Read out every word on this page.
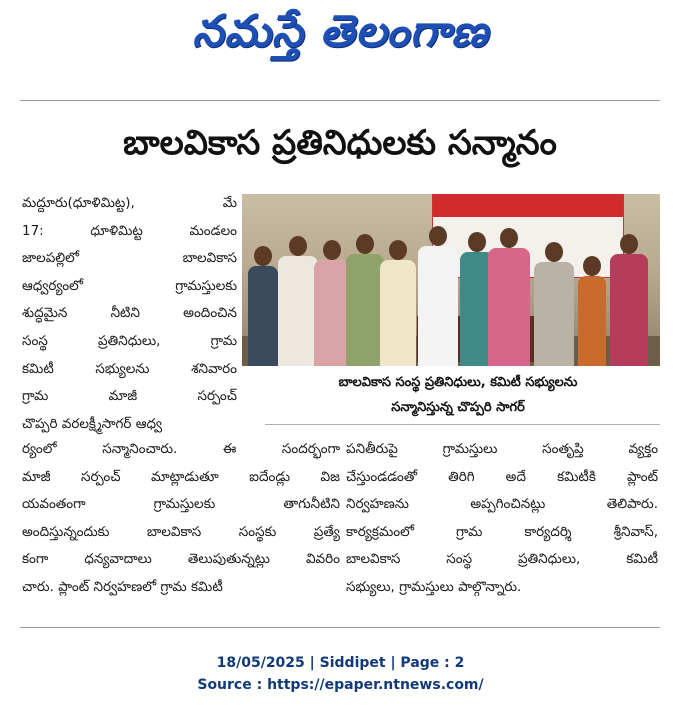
నమస్తే తెలంగాణ
బాలవికాస ప్రతినిధులకు సన్మానం
మద్దూరు(ధూళిమిట్ట), మే
17: ధూళిమిట్ట మండలం
జాలపల్లిలో బాలవికాస
ఆధ్వర్యంలో గ్రామస్తులకు
శుద్ధమైన నీటిని అందించిన
సంస్థ ప్రతినిధులు, గ్రామ
కమిటీ సభ్యులను శనివారం
గ్రామ మాజీ సర్పంచ్
చొప్పరి వరలక్ష్మీసాగర్ ఆధ్వ
బాలవికాస సంస్థ ప్రతినిధులు, కమిటీ సభ్యులను
సన్మానిస్తున్న చొప్పరి సాగర్
ర్యంలో సన్మానించారు. ఈ సందర్భంగా
మాజీ సర్పంచ్ మాట్లాడుతూ ఐదేండ్లు విజ
యవంతంగా గ్రామస్తులకు తాగునీటిని
అందిస్తున్నందుకు బాలవికాస సంస్థకు ప్రత్యే
కంగా ధన్యవాదాలు తెలుపుతున్నట్లు వివరిం
చారు. ప్లాంట్ నిర్వహణలో గ్రామ కమిటీ
పనితీరుపై గ్రామస్తులు సంతృప్తి వ్యక్తం
చేస్తుండడంతో తిరిగి అదే కమిటీకి ప్లాంట్
నిర్వహణను అప్పగించినట్లు తెలిపారు.
కార్యక్రమంలో గ్రామ కార్యదర్శి శ్రీనివాస్,
బాలవికాస సంస్థ ప్రతినిధులు, కమిటీ
సభ్యులు, గ్రామస్తులు పాల్గొన్నారు.
18/05/2025 | Siddipet | Page : 2
Source : https://epaper.ntnews.com/
